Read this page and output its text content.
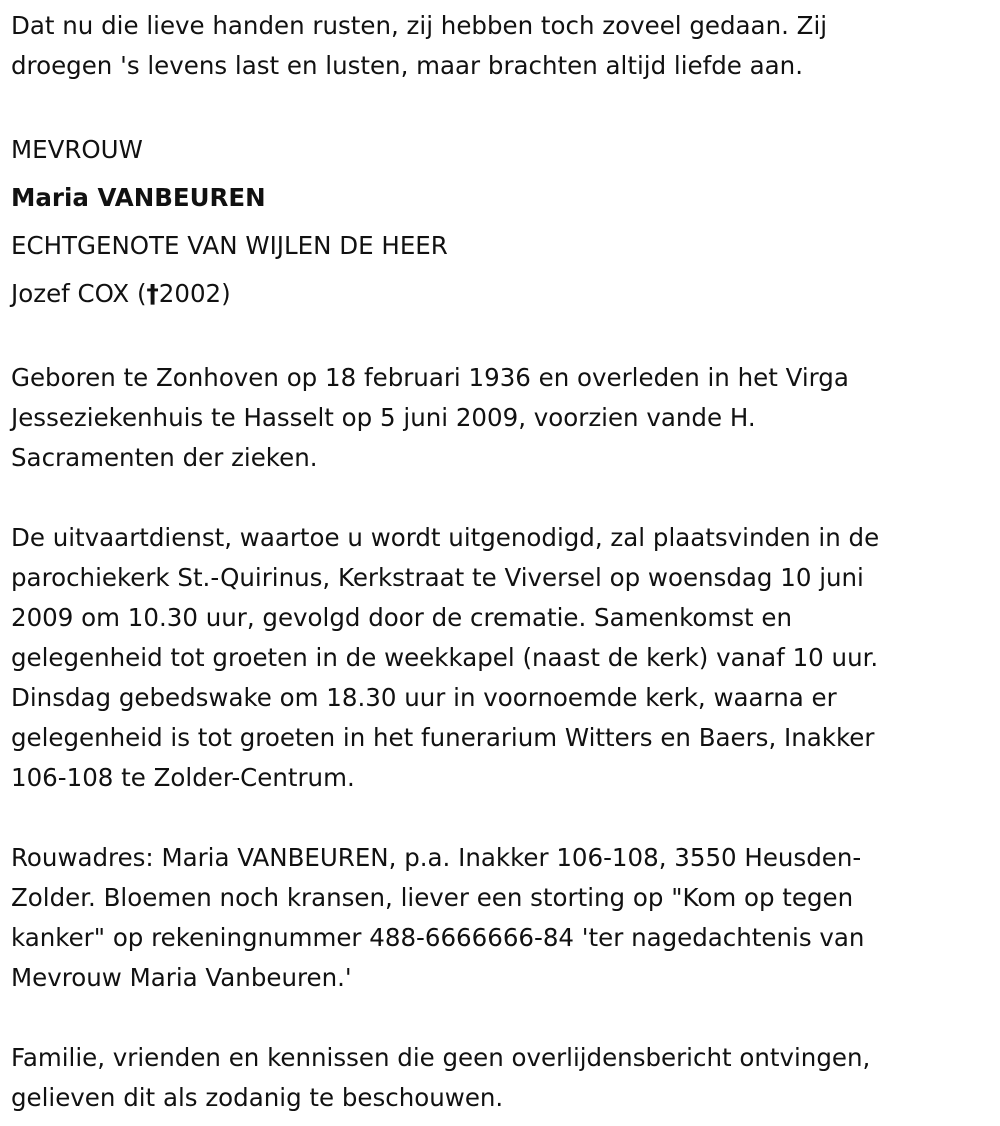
Dat nu die lieve handen rusten, zij hebben toch zoveel gedaan. Zij
droegen 's levens last en lusten, maar brachten altijd liefde aan.
MEVROUW
Maria VANBEUREN
ECHTGENOTE VAN WIJLEN DE HEER
Jozef COX (†2002)
Geboren te Zonhoven op 18 februari 1936 en overleden in het Virga
Jesseziekenhuis te Hasselt op 5 juni 2009, voorzien vande H.
Sacramenten der zieken.
De uitvaartdienst, waartoe u wordt uitgenodigd, zal plaatsvinden in de
parochiekerk St.-Quirinus, Kerkstraat te Viversel op woensdag 10 juni
2009 om 10.30 uur, gevolgd door de crematie. Samenkomst en
gelegenheid tot groeten in de weekkapel (naast de kerk) vanaf 10 uur.
Dinsdag gebedswake om 18.30 uur in voornoemde kerk, waarna er
gelegenheid is tot groeten in het funerarium Witters en Baers, Inakker
106-108 te Zolder-Centrum.
Rouwadres: Maria VANBEUREN, p.a. Inakker 106-108, 3550 Heusden-
Zolder. Bloemen noch kransen, liever een storting op "Kom op tegen
kanker" op rekeningnummer 488-6666666-84 'ter nagedachtenis van
Mevrouw Maria Vanbeuren.'
Familie, vrienden en kennissen die geen overlijdensbericht ontvingen,
gelieven dit als zodanig te beschouwen.
